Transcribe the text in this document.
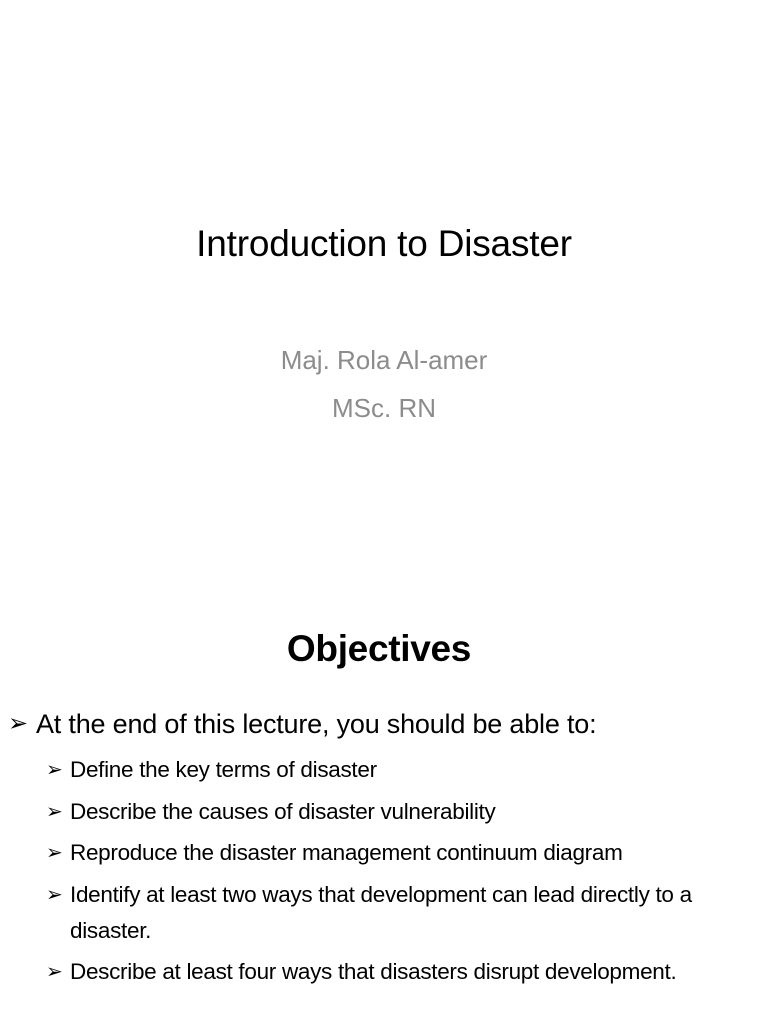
Introduction to Disaster
Maj. Rola Al-amer
MSc. RN
Objectives
➢ At the end of this lecture, you should be able to:
➢ Define the key terms of disaster
➢ Describe the causes of disaster vulnerability
➢ Reproduce the disaster management continuum diagram
➢ Identify at least two ways that development can lead directly to a disaster.
➢ Describe at least four ways that disasters disrupt development.
